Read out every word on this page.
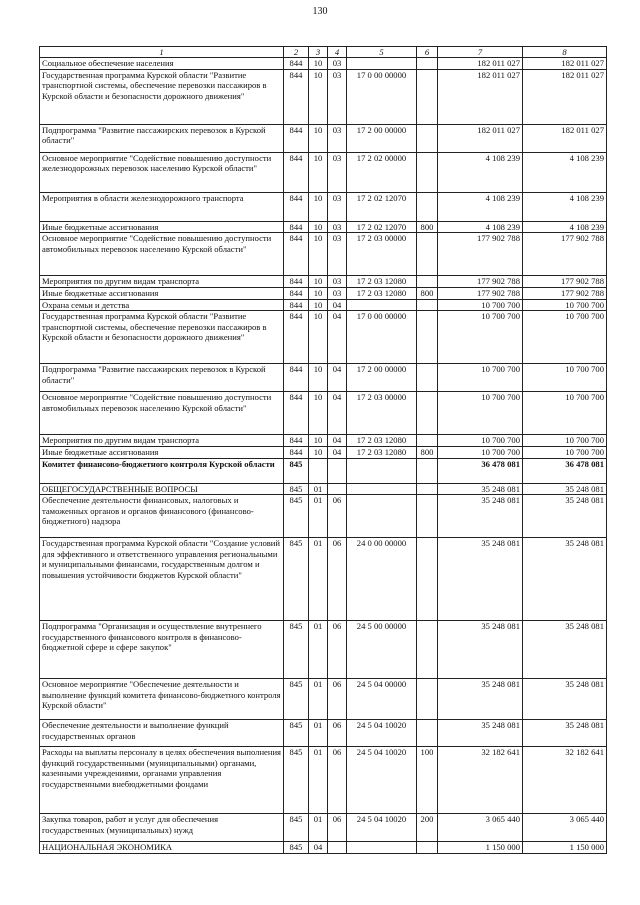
130
1	2	3	4	5	6	7	8
Социальное обеспечение населения	844	10	03			182 011 027	182 011 027
Государственная программа Курской области "Развитие транспортной системы, обеспечение перевозки пассажиров в Курской области и безопасности дорожного движения"	844	10	03	17 0 00 00000		182 011 027	182 011 027
Подпрограмма "Развитие пассажирских перевозок в Курской области"	844	10	03	17 2 00 00000		182 011 027	182 011 027
Основное мероприятие "Содействие повышению доступности железнодорожных перевозок населению Курской области"	844	10	03	17 2 02 00000		4 108 239	4 108 239
Мероприятия в области железнодорожного транспорта	844	10	03	17 2 02 12070		4 108 239	4 108 239
Иные бюджетные ассигнования	844	10	03	17 2 02 12070	800	4 108 239	4 108 239
Основное мероприятие "Содействие повышению доступности автомобильных перевозок населению Курской области"	844	10	03	17 2 03 00000		177 902 788	177 902 788
Мероприятия по другим видам транспорта	844	10	03	17 2 03 12080		177 902 788	177 902 788
Иные бюджетные ассигнования	844	10	03	17 2 03 12080	800	177 902 788	177 902 788
Охрана семьи и детства	844	10	04			10 700 700	10 700 700
Государственная программа Курской области "Развитие транспортной системы, обеспечение перевозки пассажиров в Курской области и безопасности дорожного движения"	844	10	04	17 0 00 00000		10 700 700	10 700 700
Подпрограмма "Развитие пассажирских перевозок в Курской области"	844	10	04	17 2 00 00000		10 700 700	10 700 700
Основное мероприятие "Содействие повышению доступности автомобильных перевозок населению Курской области"	844	10	04	17 2 03 00000		10 700 700	10 700 700
Мероприятия по другим видам транспорта	844	10	04	17 2 03 12080		10 700 700	10 700 700
Иные бюджетные ассигнования	844	10	04	17 2 03 12080	800	10 700 700	10 700 700
Комитет финансово-бюджетного контроля Курской области	845					36 478 081	36 478 081
ОБЩЕГОСУДАРСТВЕННЫЕ ВОПРОСЫ	845	01				35 248 081	35 248 081
Обеспечение деятельности финансовых, налоговых и таможенных органов и органов финансового (финансово-бюджетного) надзора	845	01	06			35 248 081	35 248 081
Государственная программа Курской области "Создание условий для эффективного и ответственного управления региональными и муниципальными финансами, государственным долгом и повышения устойчивости бюджетов Курской области"	845	01	06	24 0 00 00000		35 248 081	35 248 081
Подпрограмма "Организация и осуществление внутреннего государственного финансового контроля в финансово-бюджетной сфере и сфере закупок"	845	01	06	24 5 00 00000		35 248 081	35 248 081
Основное мероприятие "Обеспечение деятельности и выполнение функций комитета финансово-бюджетного контроля Курской области"	845	01	06	24 5 04 00000		35 248 081	35 248 081
Обеспечение деятельности и выполнение функций государственных органов	845	01	06	24 5 04 10020		35 248 081	35 248 081
Расходы на выплаты персоналу в целях обеспечения выполнения функций государственными (муниципальными) органами, казенными учреждениями, органами управления государственными внебюджетными фондами	845	01	06	24 5 04 10020	100	32 182 641	32 182 641
Закупка товаров, работ и услуг для обеспечения государственных (муниципальных) нужд	845	01	06	24 5 04 10020	200	3 065 440	3 065 440
НАЦИОНАЛЬНАЯ ЭКОНОМИКА	845	04				1 150 000	1 150 000
